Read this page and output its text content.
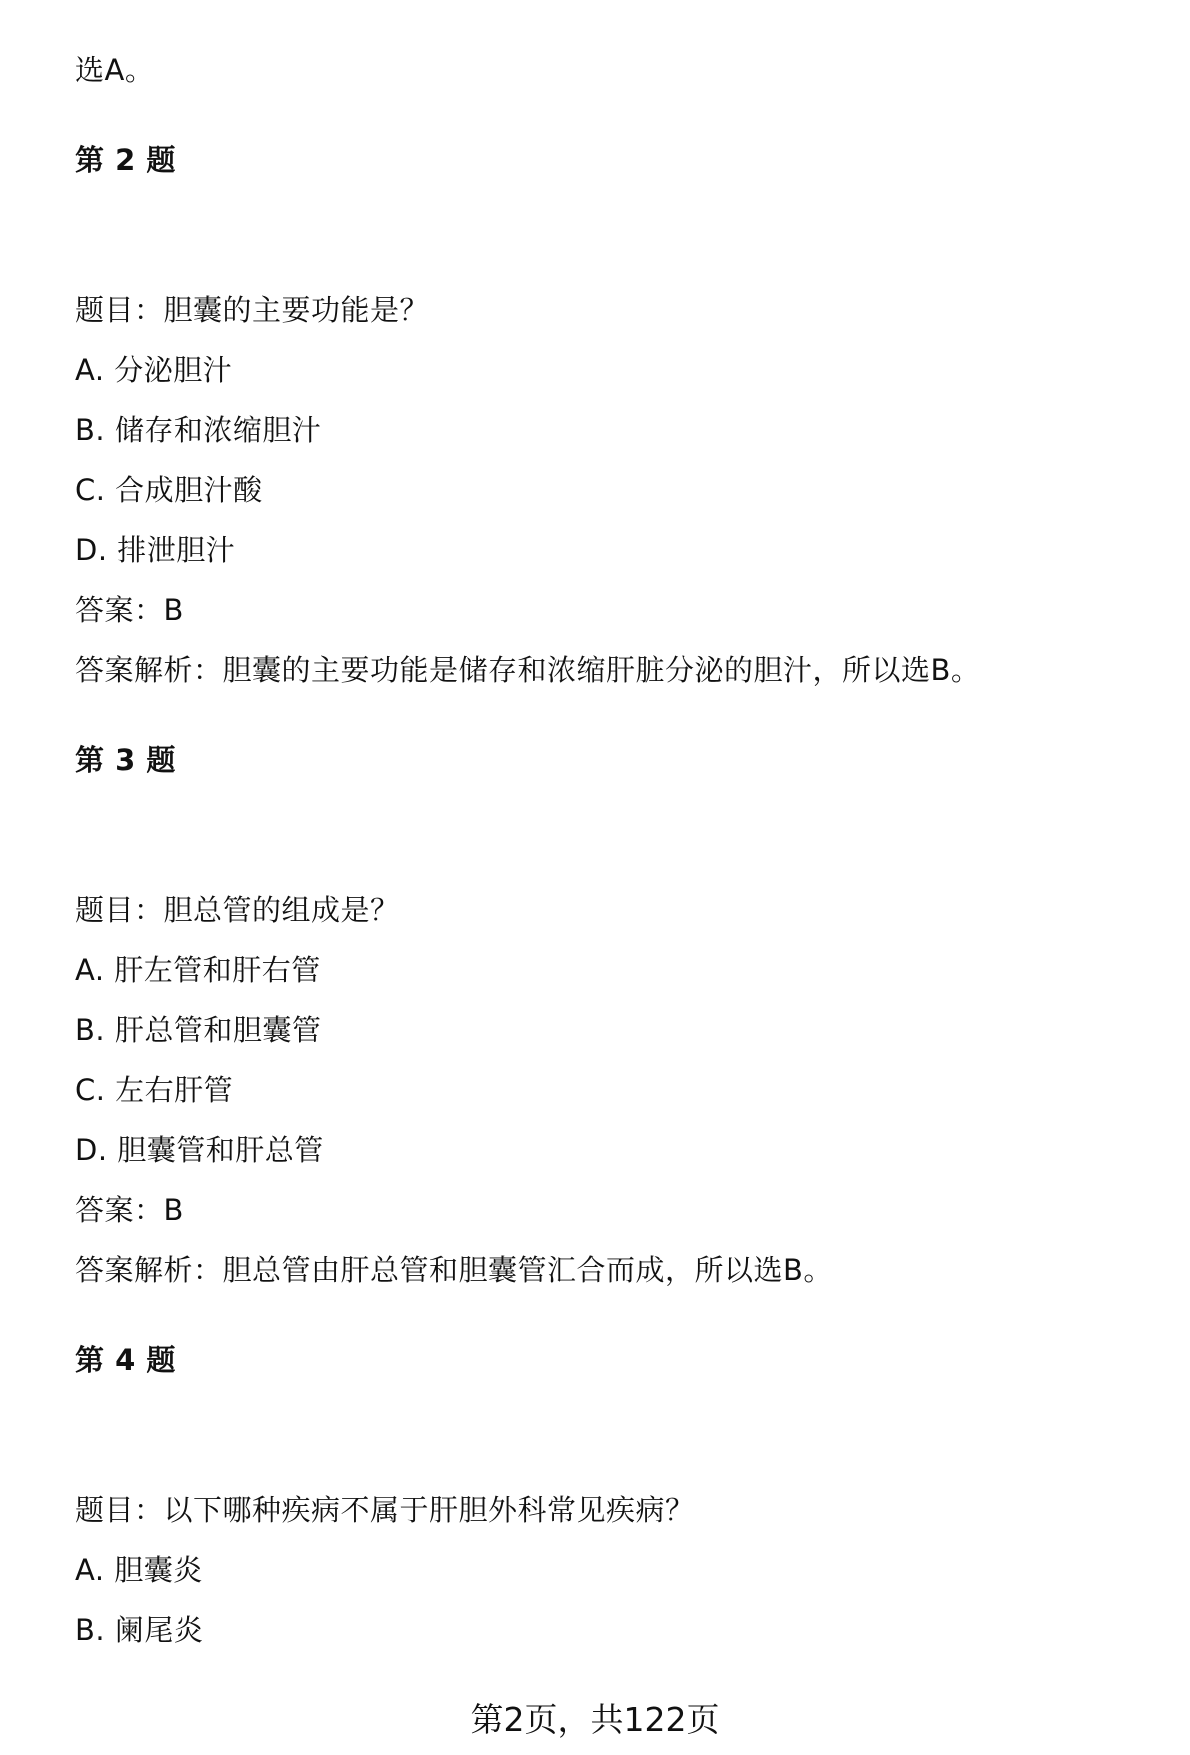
选A。
第 2 题
题目：胆囊的主要功能是？
A. 分泌胆汁
B. 储存和浓缩胆汁
C. 合成胆汁酸
D. 排泄胆汁
答案：B
答案解析：胆囊的主要功能是储存和浓缩肝脏分泌的胆汁，所以选B。
第 3 题
题目：胆总管的组成是？
A. 肝左管和肝右管
B. 肝总管和胆囊管
C. 左右肝管
D. 胆囊管和肝总管
答案：B
答案解析：胆总管由肝总管和胆囊管汇合而成，所以选B。
第 4 题
题目：以下哪种疾病不属于肝胆外科常见疾病？
A. 胆囊炎
B. 阑尾炎
第2页，共122页
